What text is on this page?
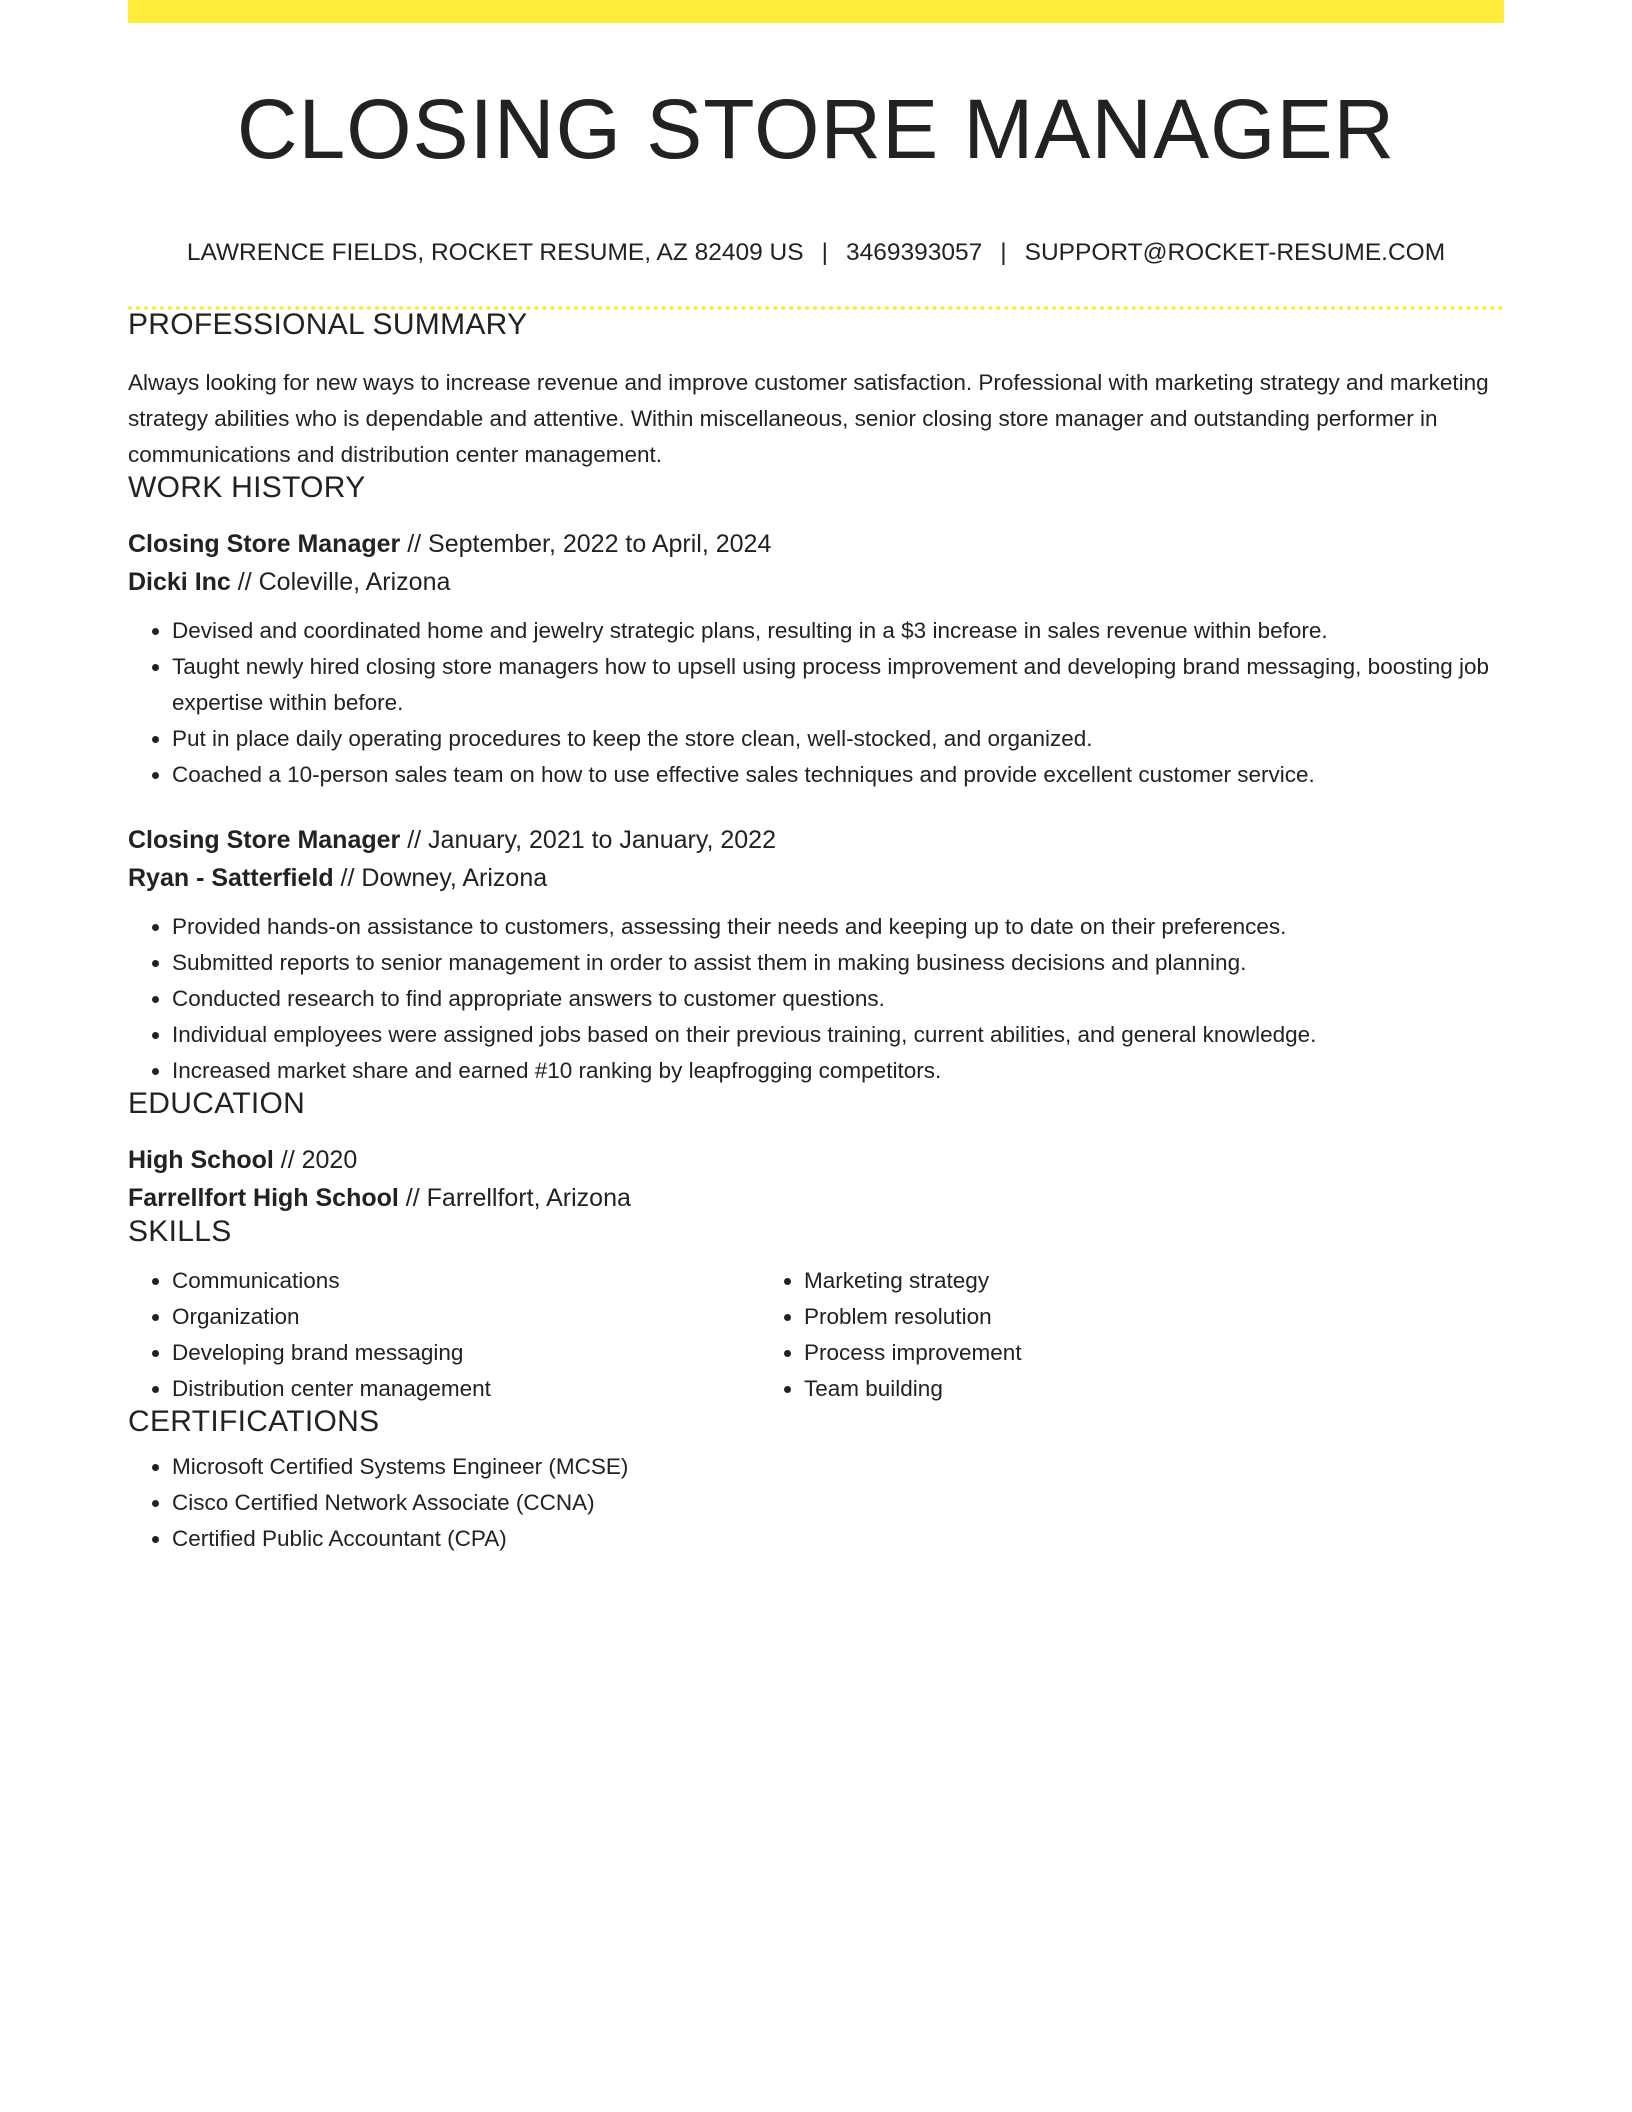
CLOSING STORE MANAGER
LAWRENCE FIELDS, ROCKET RESUME, AZ 82409 US | 3469393057 | SUPPORT@ROCKET-RESUME.COM
PROFESSIONAL SUMMARY
Always looking for new ways to increase revenue and improve customer satisfaction. Professional with marketing strategy and marketing strategy abilities who is dependable and attentive. Within miscellaneous, senior closing store manager and outstanding performer in communications and distribution center management.
WORK HISTORY
Closing Store Manager // September, 2022 to April, 2024
Dicki Inc // Coleville, Arizona
• Devised and coordinated home and jewelry strategic plans, resulting in a $3 increase in sales revenue within before.
• Taught newly hired closing store managers how to upsell using process improvement and developing brand messaging, boosting job expertise within before.
• Put in place daily operating procedures to keep the store clean, well-stocked, and organized.
• Coached a 10-person sales team on how to use effective sales techniques and provide excellent customer service.
Closing Store Manager // January, 2021 to January, 2022
Ryan - Satterfield // Downey, Arizona
• Provided hands-on assistance to customers, assessing their needs and keeping up to date on their preferences.
• Submitted reports to senior management in order to assist them in making business decisions and planning.
• Conducted research to find appropriate answers to customer questions.
• Individual employees were assigned jobs based on their previous training, current abilities, and general knowledge.
• Increased market share and earned #10 ranking by leapfrogging competitors.
EDUCATION
High School // 2020
Farrellfort High School // Farrellfort, Arizona
SKILLS
• Communications
• Organization
• Developing brand messaging
• Distribution center management
• Marketing strategy
• Problem resolution
• Process improvement
• Team building
CERTIFICATIONS
• Microsoft Certified Systems Engineer (MCSE)
• Cisco Certified Network Associate (CCNA)
• Certified Public Accountant (CPA)
